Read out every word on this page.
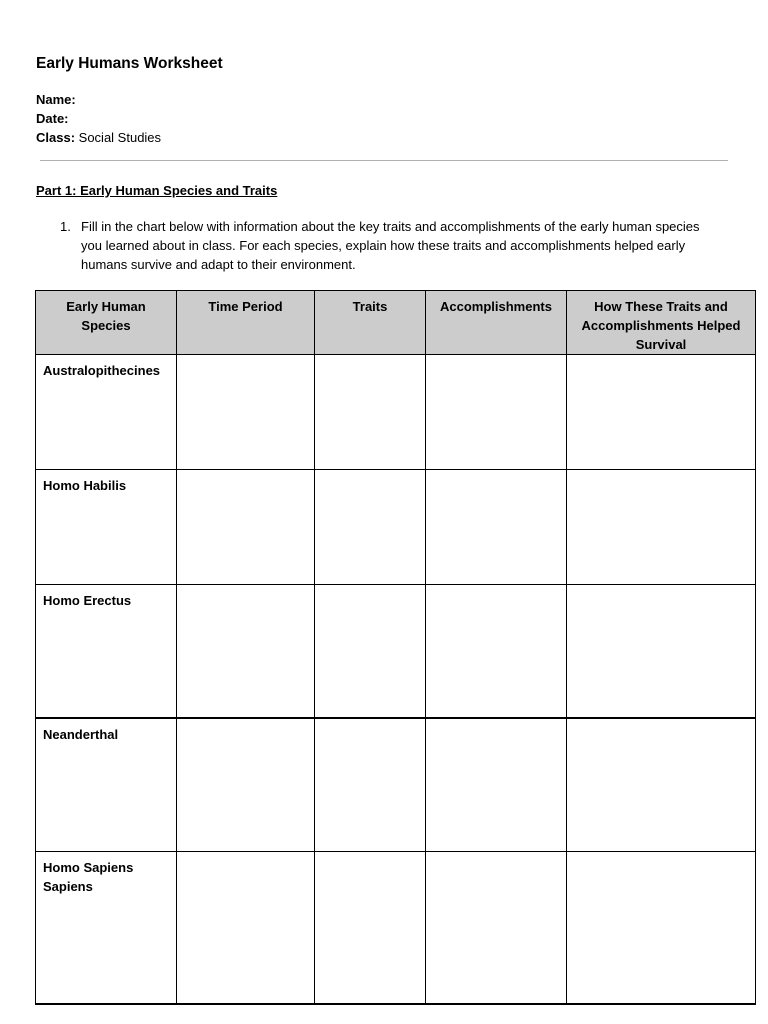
Early Humans Worksheet
Name:
Date:
Class: Social Studies
Part 1: Early Human Species and Traits
1. Fill in the chart below with information about the key traits and accomplishments of the early human species you learned about in class. For each species, explain how these traits and accomplishments helped early humans survive and adapt to their environment.
Early Human Species	Time Period	Traits	Accomplishments	How These Traits and Accomplishments Helped Survival
Australopithecines				
Homo Habilis				
Homo Erectus				
Neanderthal				
Homo Sapiens Sapiens				
